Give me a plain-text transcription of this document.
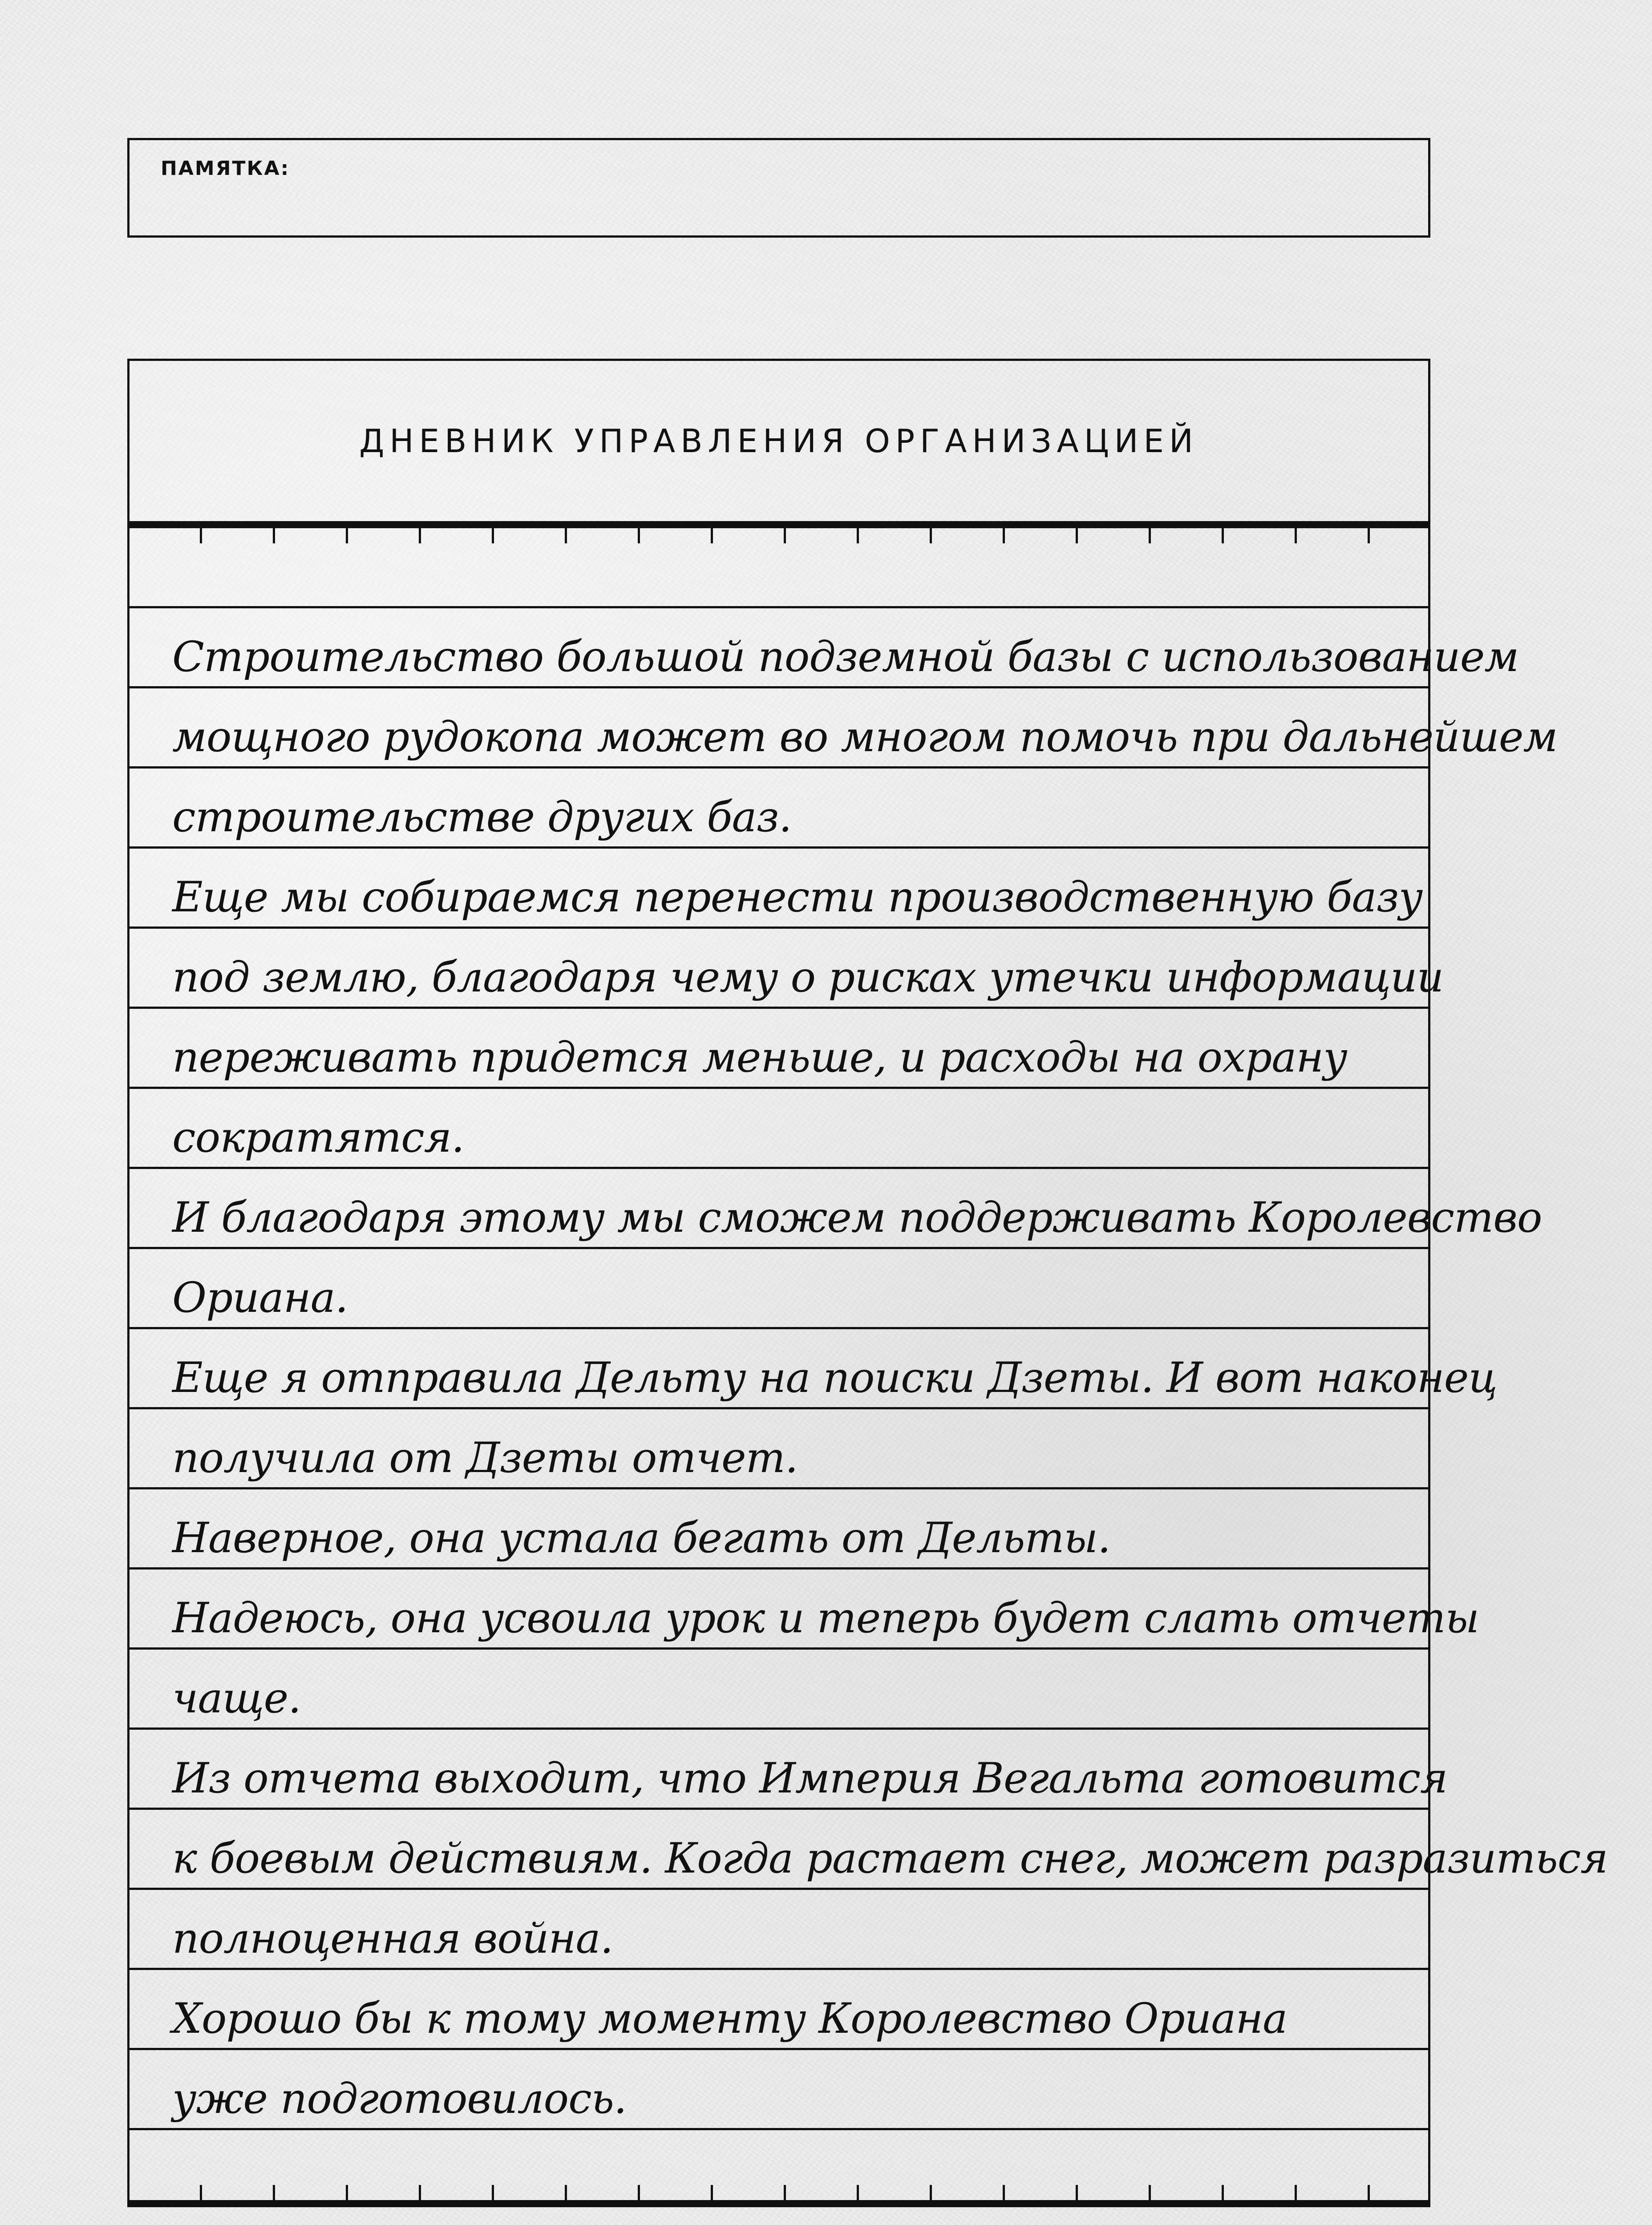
ПАМЯТКА:
ДНЕВНИК УПРАВЛЕНИЯ ОРГАНИЗАЦИЕЙ
Строительство большой подземной базы с использованием
мощного рудокопа может во многом помочь при дальнейшем
строительстве других баз.
Еще мы собираемся перенести производственную базу
под землю, благодаря чему о рисках утечки информации
переживать придется меньше, и расходы на охрану
сократятся.
И благодаря этому мы сможем поддерживать Королевство
Ориана.
Еще я отправила Дельту на поиски Дзеты. И вот наконец
получила от Дзеты отчет.
Наверное, она устала бегать от Дельты.
Надеюсь, она усвоила урок и теперь будет слать отчеты
чаще.
Из отчета выходит, что Империя Вегальта готовится
к боевым действиям. Когда растает снег, может разразиться
полноценная война.
Хорошо бы к тому моменту Королевство Ориана
уже подготовилось.
